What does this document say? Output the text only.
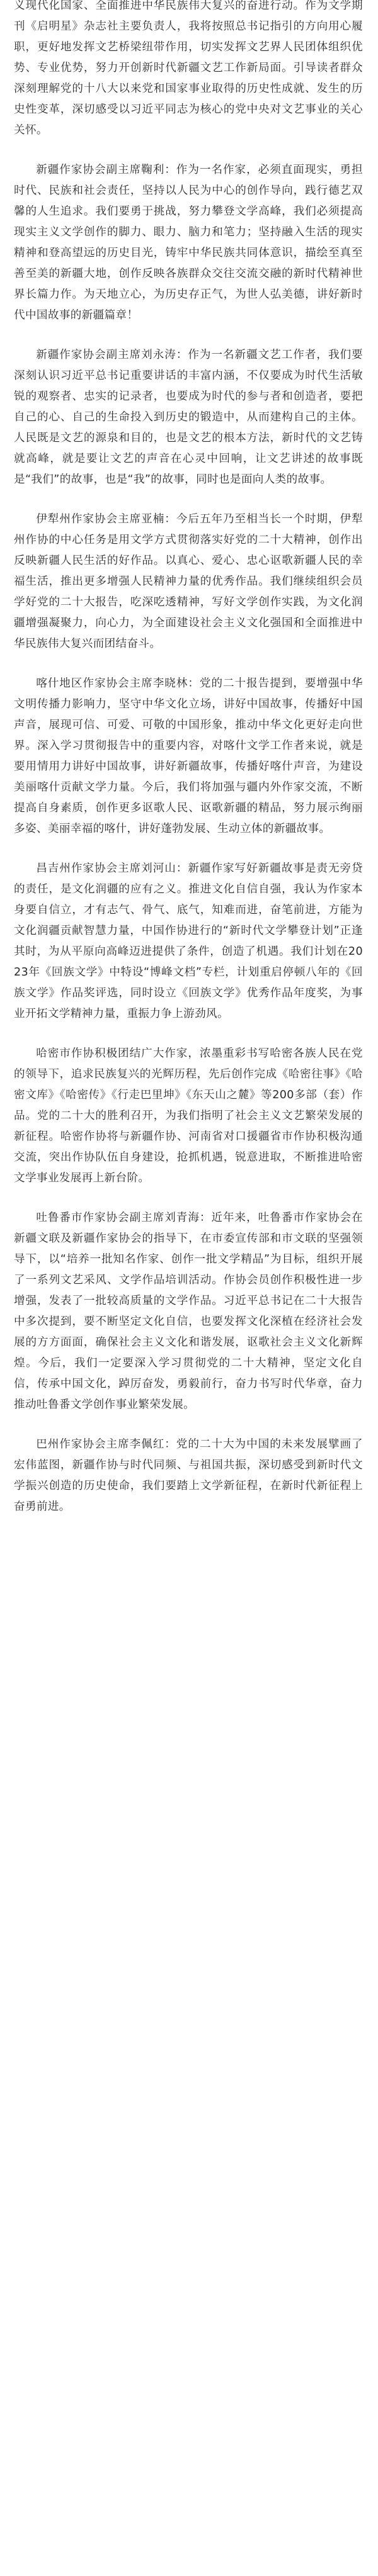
义现代化国家、全面推进中华民族伟大复兴的奋进行动。作为文学期刊《启明星》杂志社主要负责人，我将按照总书记指引的方向用心履职，更好地发挥文艺桥梁纽带作用，切实发挥文艺界人民团体组织优势、专业优势，努力开创新时代新疆文艺工作新局面。引导读者群众深刻理解党的十八大以来党和国家事业取得的历史性成就、发生的历史性变革，深切感受以习近平同志为核心的党中央对文艺事业的关心关怀。

新疆作家协会副主席鞠利：作为一名作家，必须直面现实，勇担时代、民族和社会责任，坚持以人民为中心的创作导向，践行德艺双馨的人生追求。我们要勇于挑战，努力攀登文学高峰，我们必须提高现实主义文学创作的脚力、眼力、脑力和笔力；坚持融入生活的现实精神和登高望远的历史目光，铸牢中华民族共同体意识，描绘至真至善至美的新疆大地，创作反映各族群众交往交流交融的新时代精神世界长篇力作。为天地立心，为历史存正气，为世人弘美德，讲好新时代中国故事的新疆篇章！

新疆作家协会副主席刘永涛：作为一名新疆文艺工作者，我们要深刻认识习近平总书记重要讲话的丰富内涵，不仅要成为时代生活敏锐的观察者、忠实的记录者，也要成为时代的参与者和创造者，要把自己的心、自己的生命投入到历史的锻造中，从而建构自己的主体。人民既是文艺的源泉和目的，也是文艺的根本方法，新时代的文艺铸就高峰，就是要让文艺的声音在心灵中回响，让文艺讲述的故事既是“我们”的故事，也是“我”的故事，同时也是面向人类的故事。

伊犁州作家协会主席亚楠：今后五年乃至相当长一个时期，伊犁州作协的中心任务是用文学方式贯彻落实好党的二十大精神，创作出反映新疆人民生活的好作品。以真心、爱心、忠心讴歌新疆人民的幸福生活，推出更多增强人民精神力量的优秀作品。我们继续组织会员学好党的二十大报告，吃深吃透精神，写好文学创作实践，为文化润疆增强凝聚力，向心力，为全面建设社会主义文化强国和全面推进中华民族伟大复兴而团结奋斗。

喀什地区作家协会主席李晓林：党的二十报告提到，要增强中华文明传播力影响力，坚守中华文化立场，讲好中国故事，传播好中国声音，展现可信、可爱、可敬的中国形象，推动中华文化更好走向世界。深入学习贯彻报告中的重要内容，对喀什文学工作者来说，就是要用情用力讲好中国故事，讲好新疆故事，传播好喀什声音，为建设美丽喀什贡献文学力量。今后，我们将加强与疆内外作家交流，不断提高自身素质，创作更多讴歌人民、讴歌新疆的精品，努力展示绚丽多姿、美丽幸福的喀什，讲好蓬勃发展、生动立体的新疆故事。

昌吉州作家协会主席刘河山：新疆作家写好新疆故事是责无旁贷的责任，是文化润疆的应有之义。推进文化自信自强，我认为作家本身要自信立，才有志气、骨气、底气，知难而进，奋笔前进，方能为文化润疆贡献智慧力量，中国作协进行的“新时代文学攀登计划”正逢其时，为从平原向高峰迈进提供了条件，创造了机遇。我们计划在2023年《回族文学》中特设“博峰文档”专栏，计划重启停顿八年的《回族文学》作品奖评选，同时设立《回族文学》优秀作品年度奖，为事业开拓文学精神力量，重振力争上游劲风。

哈密市作协积极团结广大作家，浓墨重彩书写哈密各族人民在党的领导下，追求民族复兴的光辉历程，先后创作完成《哈密往事》《哈密文库》《哈密传》《行走巴里坤》《东天山之麓》等200多部（套）作品。党的二十大的胜利召开，为我们指明了社会主义文艺繁荣发展的新征程。哈密作协将与新疆作协、河南省对口援疆省市作协积极沟通交流，突出作协队伍自身建设，抢抓机遇，锐意进取，不断推进哈密文学事业发展再上新台阶。

吐鲁番市作家协会副主席刘青海：近年来，吐鲁番市作家协会在新疆文联及新疆作家协会的指导下，在市委宣传部和市文联的坚强领导下，以“培养一批知名作家、创作一批文学精品”为目标，组织开展了一系列文艺采风、文学作品培训活动。作协会员创作积极性进一步增强，发表了一批较高质量的文学作品。习近平总书记在二十大报告中多次提到，要不断坚定文化自信，也要发挥文化深植在经济社会发展的方方面面，确保社会主义文化和谐发展，讴歌社会主义文化新辉煌。今后，我们一定要深入学习贯彻党的二十大精神，坚定文化自信，传承中国文化，踔厉奋发，勇毅前行，奋力书写时代华章，奋力推动吐鲁番文学创作事业繁荣发展。

巴州作家协会主席李佩红：党的二十大为中国的未来发展擘画了宏伟蓝图，新疆作协与时代同频、与祖国共振，深切感受到新时代文学振兴创造的历史使命，我们要踏上文学新征程，在新时代新征程上奋勇前进。
